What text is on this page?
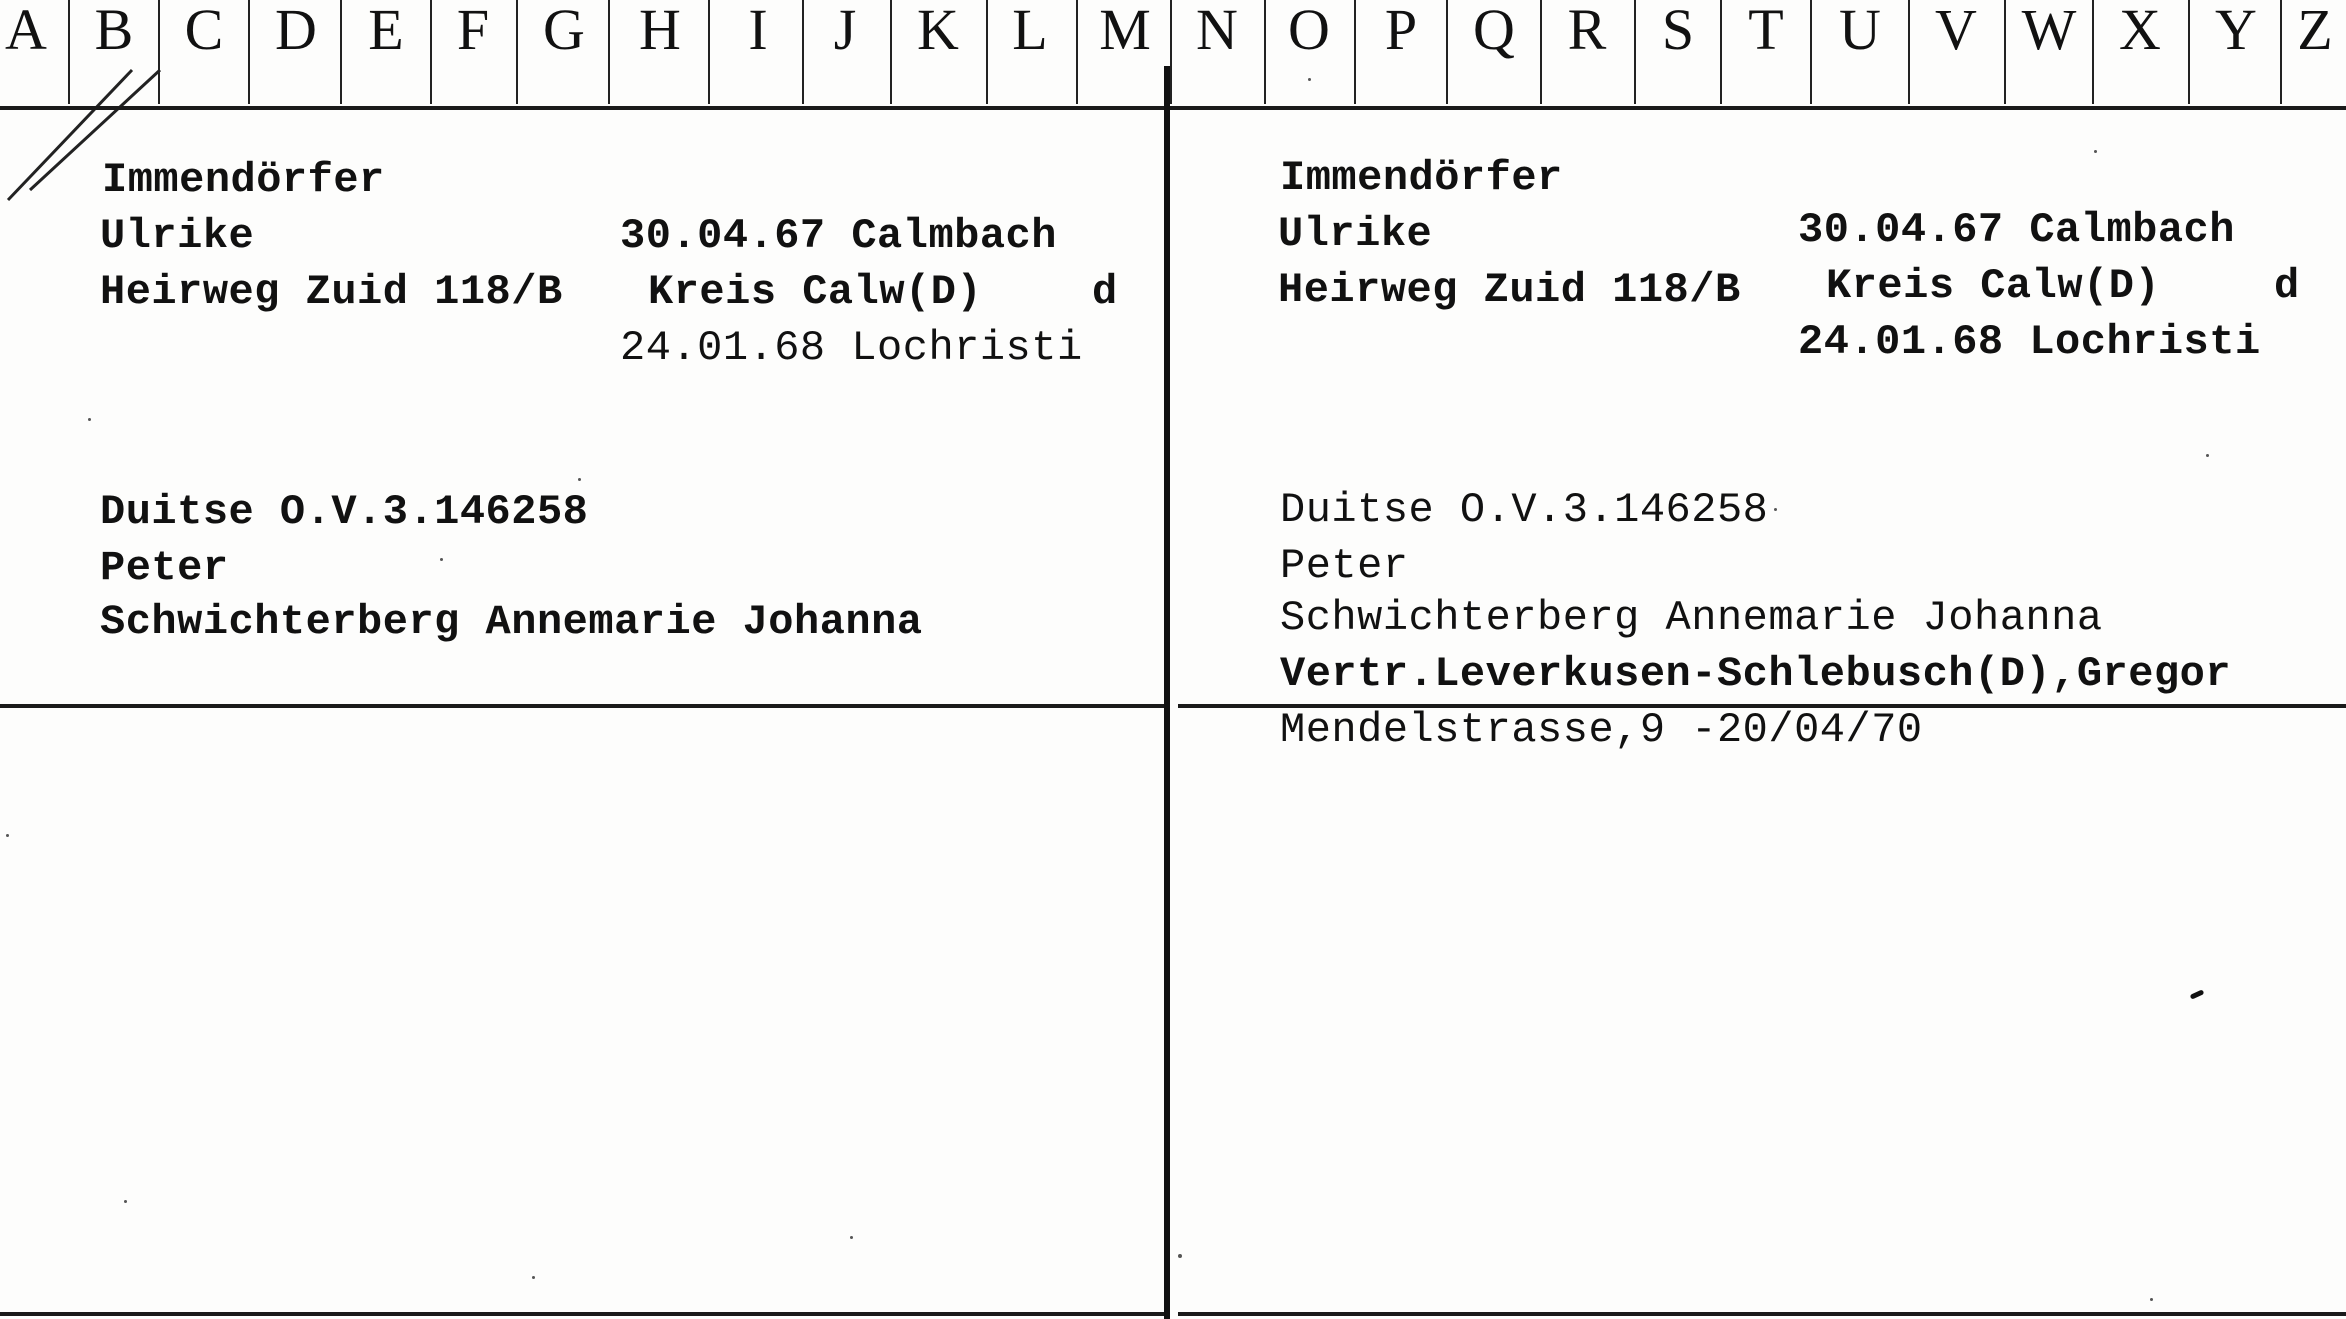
A B C D E F G H	I	J	K L M N O P Q R S T U V W X Y Z
Immendörfer
Ulrike
Heirweg Zuid 118/B
30.04.67 Calmbach
Kreis Calw(D)	d
24.01.68 Lochristi
Duitse O.V.3.146258
Peter
Schwichterberg Annemarie Johanna
Immendörfer
Ulrike
Heirweg Zuid 118/B
30.04.67 Calmbach
Kreis Calw(D)	d
24.01.68 Lochristi
Duitse O.V.3.146258
Peter
Schwichterberg Annemarie Johanna
Vertr.Leverkusen-Schlebusch(D),Gregor
Mendelstrasse,9 -20/04/70
